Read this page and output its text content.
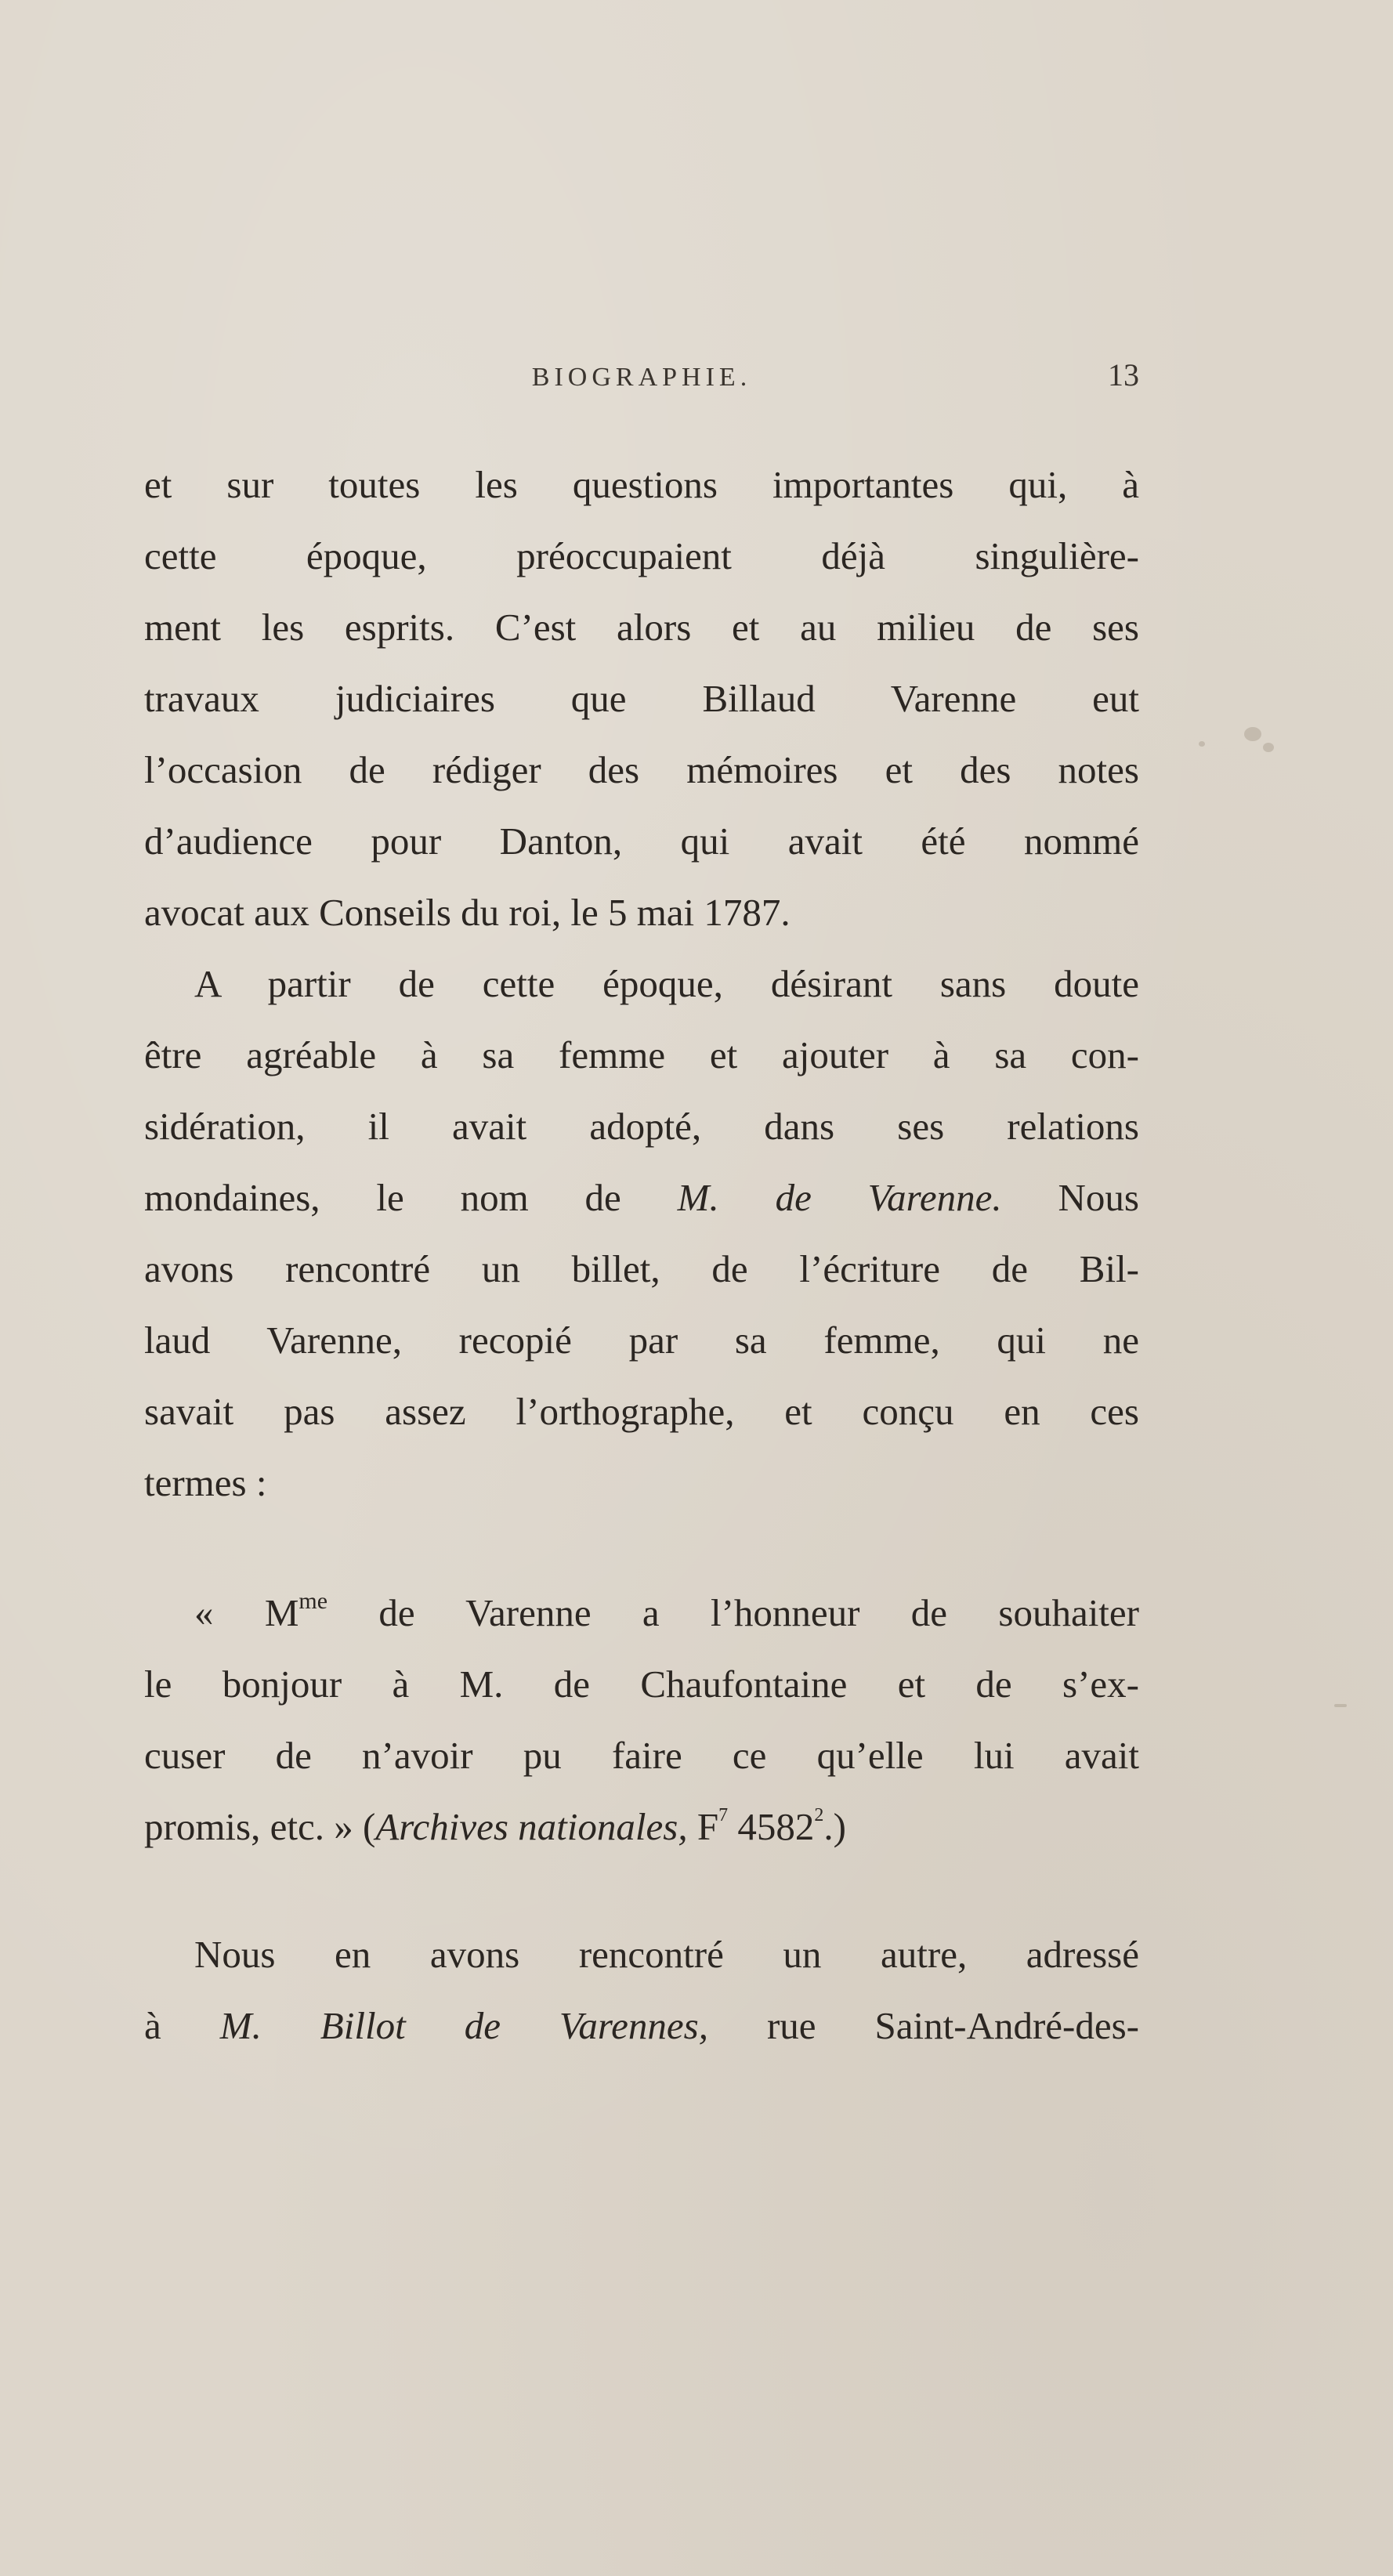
BIOGRAPHIE.	13
et sur toutes les questions importantes qui, à
cette époque, préoccupaient déjà singulière-
ment les esprits. C’est alors et au milieu de ses
travaux judiciaires que Billaud Varenne eut
l’occasion de rédiger des mémoires et des notes
d’audience pour Danton, qui avait été nommé
avocat aux Conseils du roi, le 5 mai 1787.
A partir de cette époque, désirant sans doute
être agréable à sa femme et ajouter à sa con-
sidération, il avait adopté, dans ses relations
mondaines, le nom de M. de Varenne. Nous
avons rencontré un billet, de l’écriture de Bil-
laud Varenne, recopié par sa femme, qui ne
savait pas assez l’orthographe, et conçu en ces
termes :
« $M^{me}$ de Varenne a l’honneur de souhaiter
le bonjour à M. de Chaufontaine et de s’ex-
cuser de n’avoir pu faire ce qu’elle lui avait
promis, etc. » (Archives nationales, $F^7$ 4582$^2$.)
Nous en avons rencontré un autre, adressé
à M. Billot de Varennes, rue Saint-André-des-
